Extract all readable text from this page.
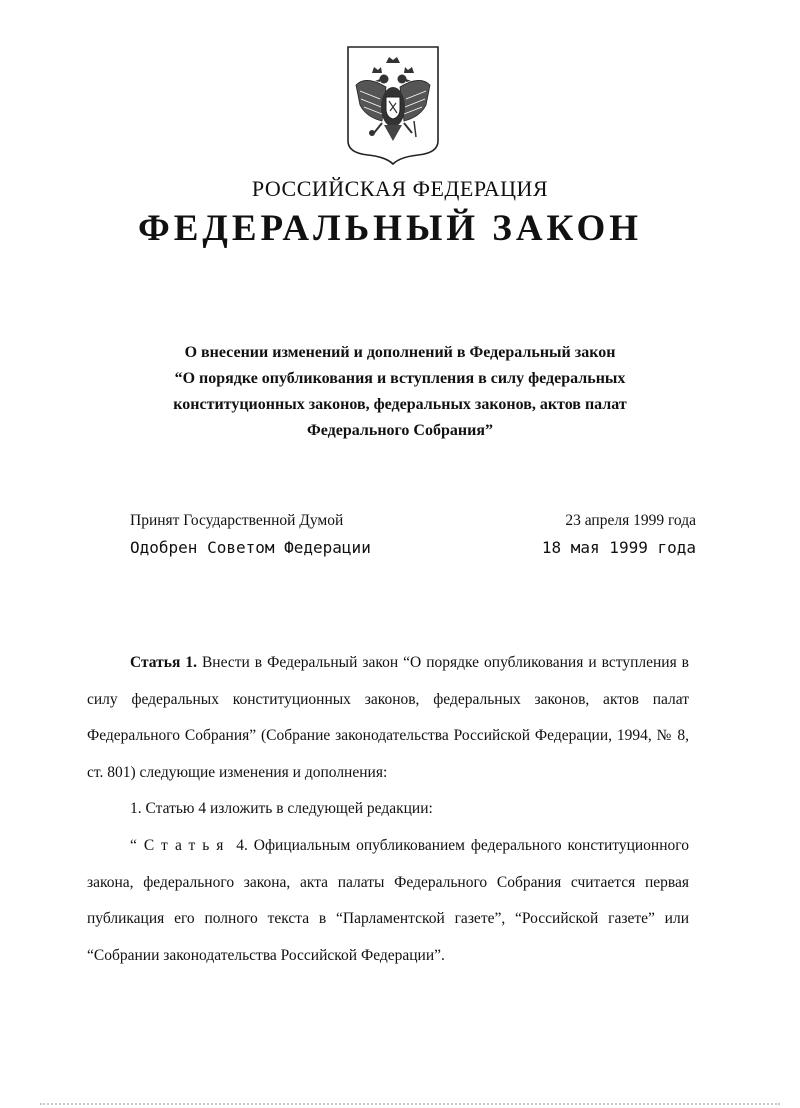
РОССИЙСКАЯ ФЕДЕРАЦИЯ
ФЕДЕРАЛЬНЫЙ ЗАКОН
О внесении изменений и дополнений в Федеральный закон
“О порядке опубликования и вступления в силу федеральных
конституционных законов, федеральных законов, актов палат
Федерального Собрания”
Принят Государственной Думой	23 апреля 1999 года
Одобрен Советом Федерации	18 мая 1999 года

Статья 1. Внести в Федеральный закон “О порядке опубликования и вступления в силу федеральных конституционных законов, федеральных законов, актов палат Федерального Собрания” (Собрание законодательства Российской Федерации, 1994, № 8, ст. 801) следующие изменения и дополнения:

1. Статью 4 изложить в следующей редакции:

“Статья 4. Официальным опубликованием федерального конституционного закона, федерального закона, акта палаты Федерального Собрания считается первая публикация его полного текста в “Парламентской газете”, “Российской газете” или “Собрании законодательства Российской Федерации”.
